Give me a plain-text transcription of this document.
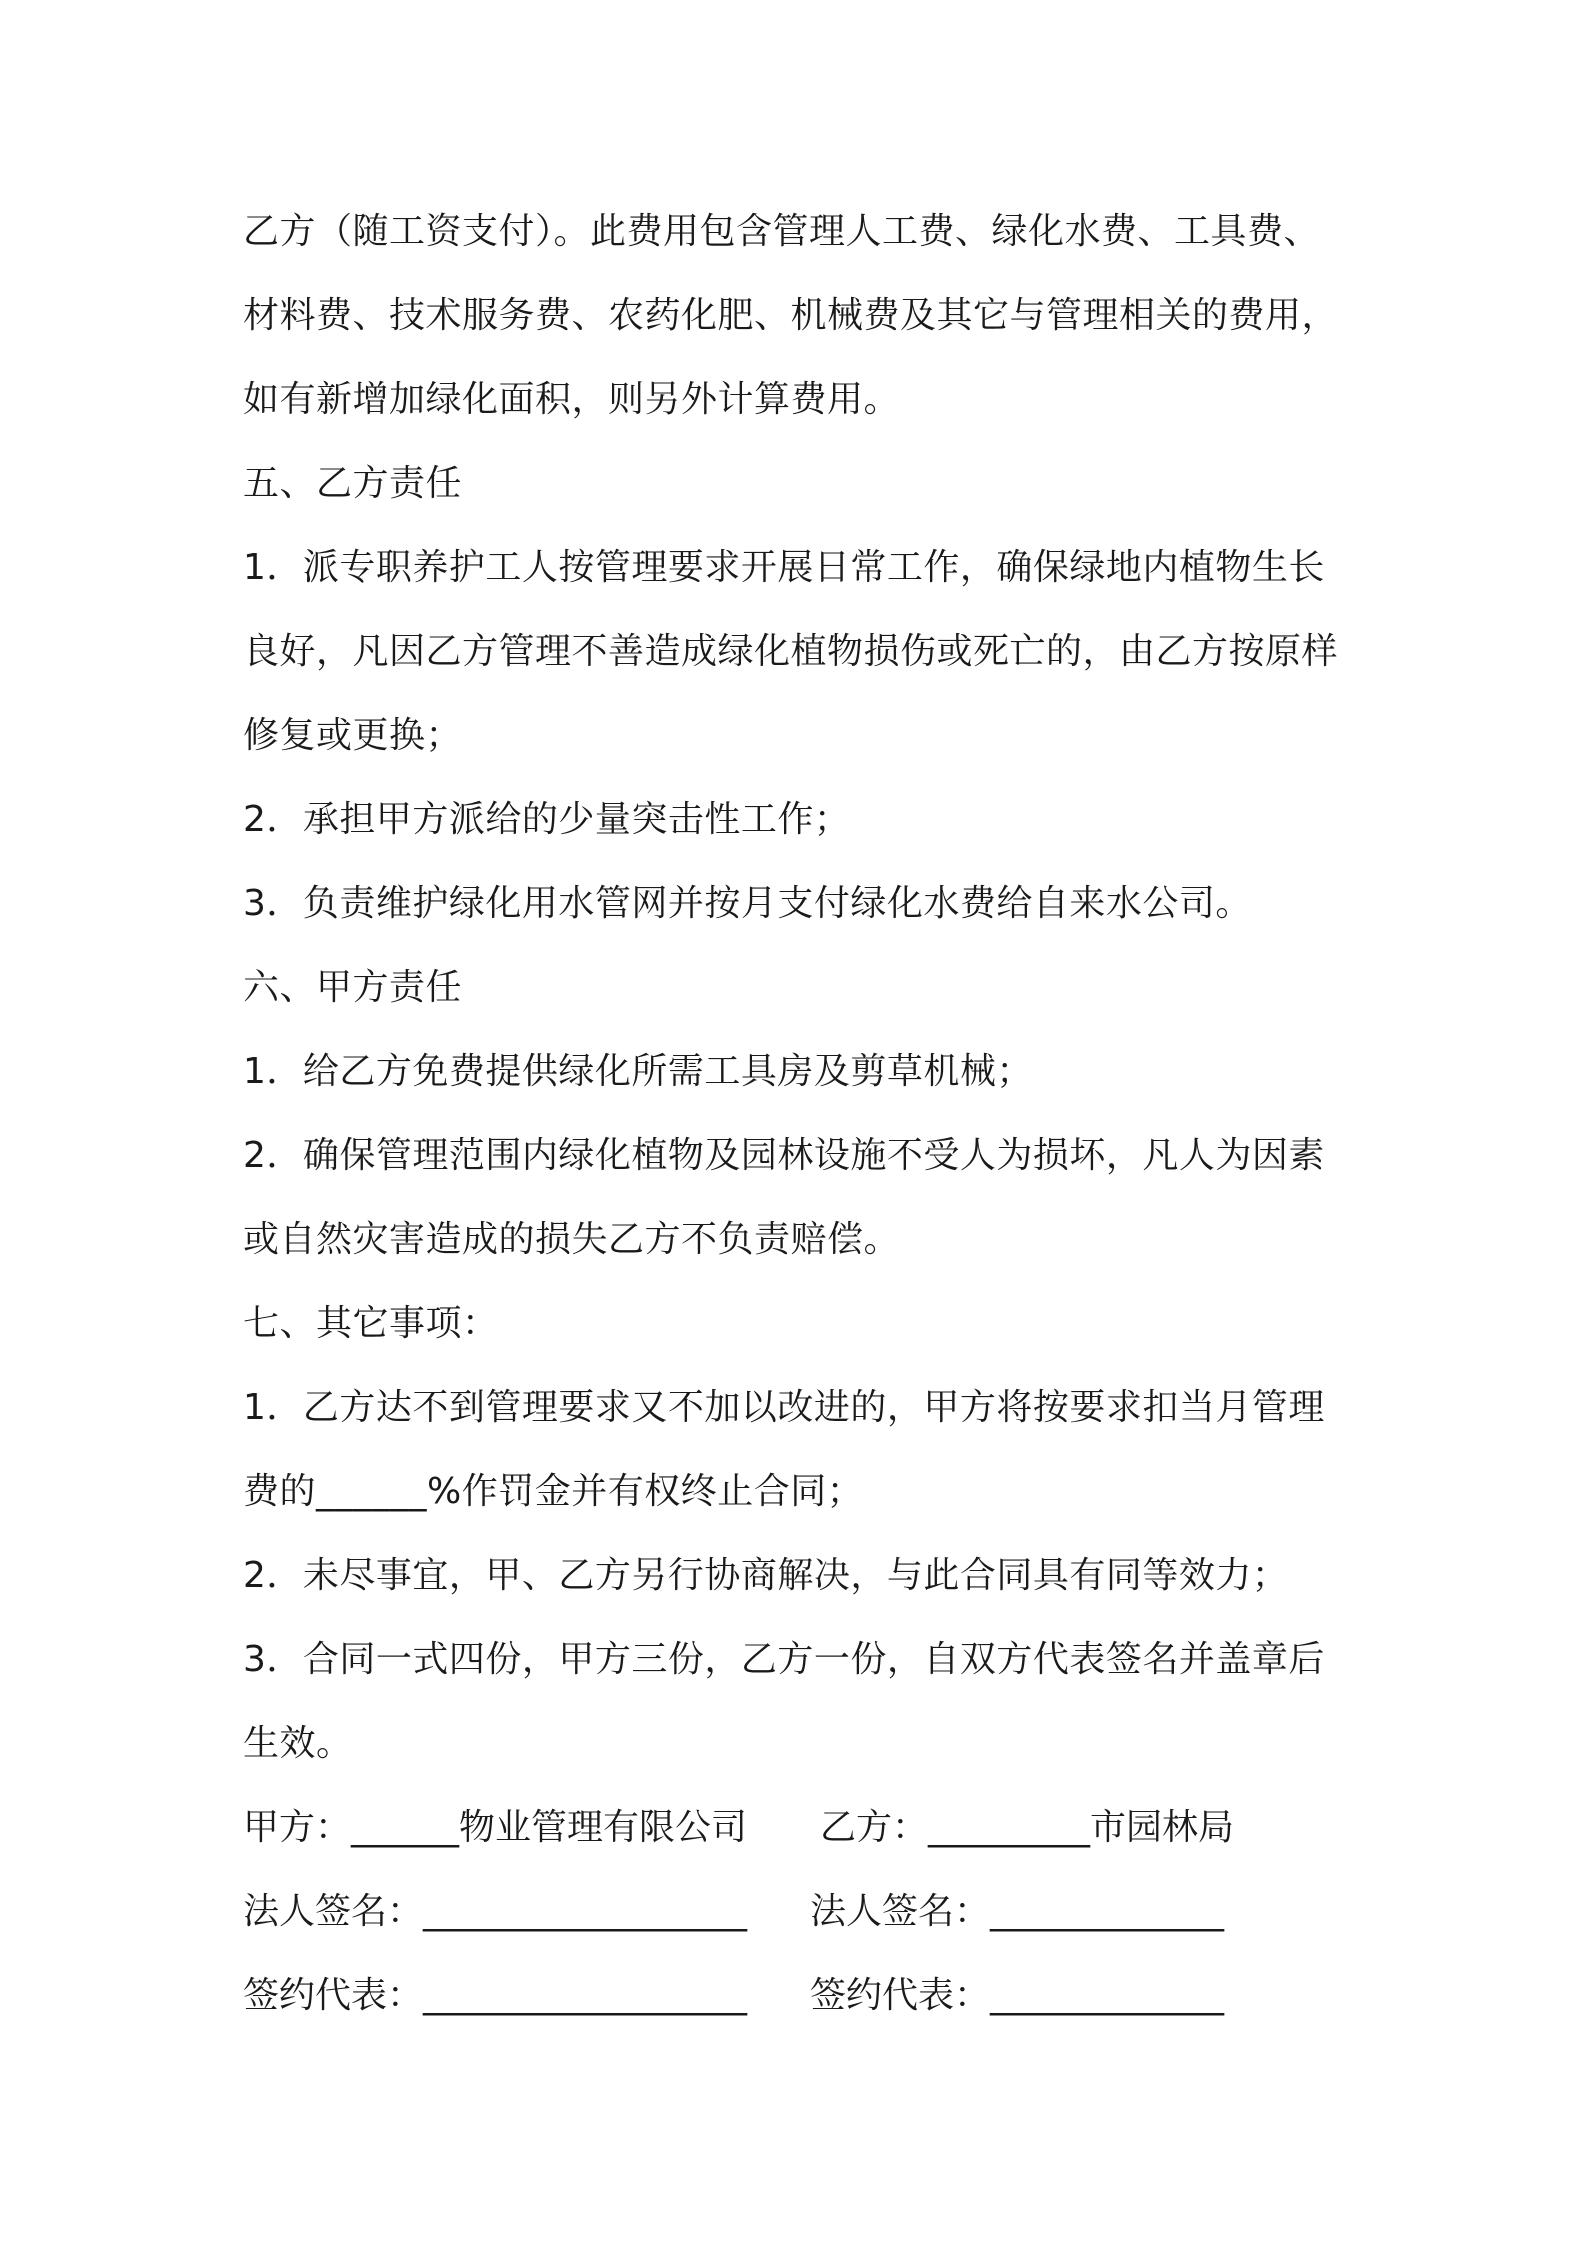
乙方（随工资支付）。此费用包含管理人工费、绿化水费、工具费、
材料费、技术服务费、农药化肥、机械费及其它与管理相关的费用，
如有新增加绿化面积，则另外计算费用。
五、乙方责任
1．派专职养护工人按管理要求开展日常工作，确保绿地内植物生长
良好，凡因乙方管理不善造成绿化植物损伤或死亡的，由乙方按原样
修复或更换；
2．承担甲方派给的少量突击性工作；
3．负责维护绿化用水管网并按月支付绿化水费给自来水公司。
六、甲方责任
1．给乙方免费提供绿化所需工具房及剪草机械；
2．确保管理范围内绿化植物及园林设施不受人为损坏，凡人为因素
或自然灾害造成的损失乙方不负责赔偿。
七、其它事项：
1．乙方达不到管理要求又不加以改进的，甲方将按要求扣当月管理
费的______%作罚金并有权终止合同；
2．未尽事宜，甲、乙方另行协商解决，与此合同具有同等效力；
3．合同一式四份，甲方三份，乙方一份，自双方代表签名并盖章后
生效。
甲方：______物业管理有限公司 乙方：_________市园林局
法人签名：__________________ 法人签名：_____________
签约代表：__________________ 签约代表：_____________
